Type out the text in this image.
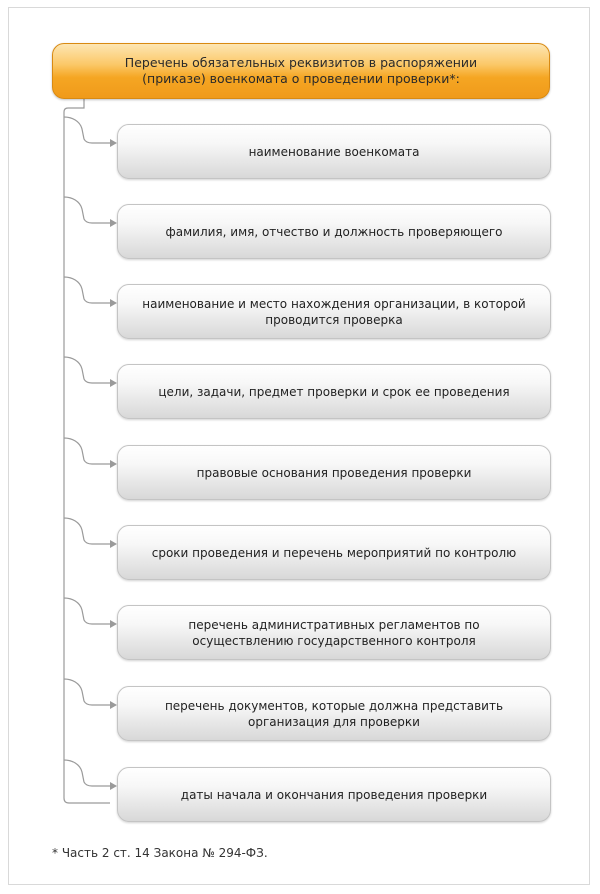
Перечень обязательных реквизитов в распоряжении (приказе) военкомата о проведении проверки*:
наименование военкомата
фамилия, имя, отчество и должность проверяющего
наименование и место нахождения организации, в которой проводится проверка
цели, задачи, предмет проверки и срок ее проведения
правовые основания проведения проверки
сроки проведения и перечень мероприятий по контролю
перечень административных регламентов по осуществлению государственного контроля
перечень документов, которые должна представить организация для проверки
даты начала и окончания проведения проверки
* Часть 2 ст. 14 Закона № 294-ФЗ.
